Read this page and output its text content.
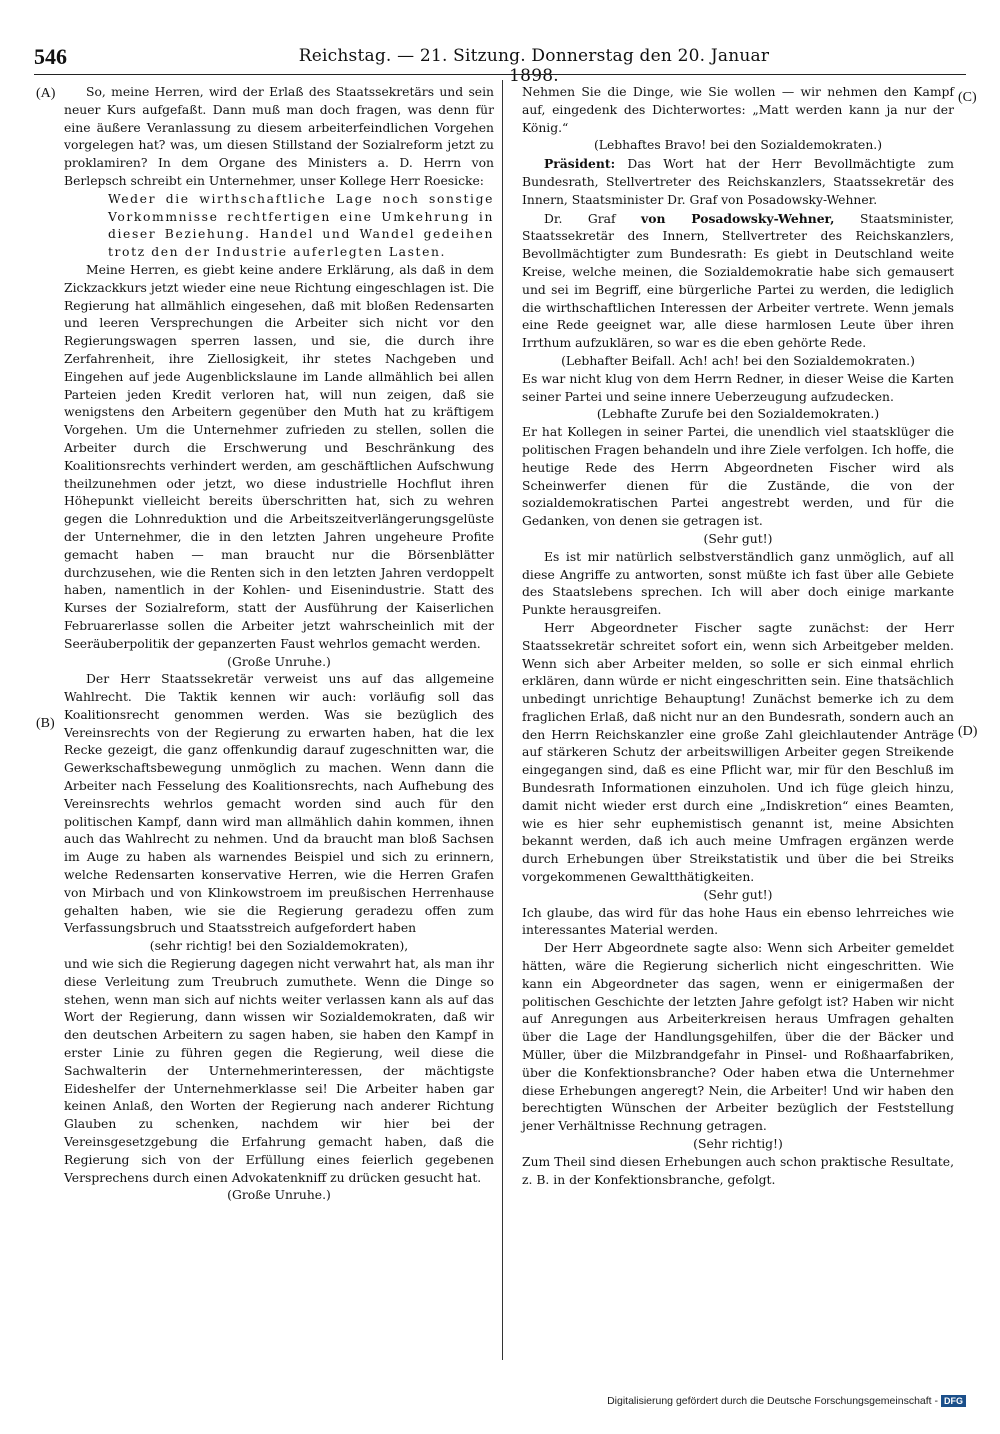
546	Reichstag. — 21. Sitzung. Donnerstag den 20. Januar 1898.
(A)
(B)
(C)
(D)

So, meine Herren, wird der Erlaß des Staatssekretärs und sein neuer Kurs aufgefaßt. Dann muß man doch fragen, was denn für eine äußere Veranlassung zu diesem arbeiterfeindlichen Vorgehen vorgelegen hat? was, um diesen Stillstand der Sozialreform jetzt zu proklamiren? In dem Organe des Ministers a. D. Herrn von Berlepsch schreibt ein Unternehmer, unser Kollege Herr Roesicke:

Weder die wirthschaftliche Lage noch sonstige Vorkommnisse rechtfertigen eine Umkehrung in dieser Beziehung. Handel und Wandel gedeihen trotz den der Industrie auferlegten Lasten.

Meine Herren, es giebt keine andere Erklärung, als daß in dem Zickzackkurs jetzt wieder eine neue Richtung eingeschlagen ist. Die Regierung hat allmählich eingesehen, daß mit bloßen Redensarten und leeren Versprechungen die Arbeiter sich nicht vor den Regierungswagen sperren lassen, und sie, die durch ihre Zerfahrenheit, ihre Ziellosigkeit, ihr stetes Nachgeben und Eingehen auf jede Augenblickslaune im Lande allmählich bei allen Parteien jeden Kredit verloren hat, will nun zeigen, daß sie wenigstens den Arbeitern gegenüber den Muth hat zu kräftigem Vorgehen. Um die Unternehmer zufrieden zu stellen, sollen die Arbeiter durch die Erschwerung und Beschränkung des Koalitionsrechts verhindert werden, am geschäftlichen Aufschwung theilzunehmen oder jetzt, wo diese industrielle Hochflut ihren Höhepunkt vielleicht bereits überschritten hat, sich zu wehren gegen die Lohnreduktion und die Arbeitszeitverlängerungsgelüste der Unternehmer, die in den letzten Jahren ungeheure Profite gemacht haben — man braucht nur die Börsenblätter durchzusehen, wie die Renten sich in den letzten Jahren verdoppelt haben, namentlich in der Kohlen- und Eisenindustrie. Statt des Kurses der Sozialreform, statt der Ausführung der Kaiserlichen Februarerlasse sollen die Arbeiter jetzt wahrscheinlich mit der Seeräuberpolitik der gepanzerten Faust wehrlos gemacht werden.

(Große Unruhe.)

Der Herr Staatssekretär verweist uns auf das allgemeine Wahlrecht. Die Taktik kennen wir auch: vorläufig soll das Koalitionsrecht genommen werden. Was sie bezüglich des Vereinsrechts von der Regierung zu erwarten haben, hat die lex Recke gezeigt, die ganz offenkundig darauf zugeschnitten war, die Gewerkschaftsbewegung unmöglich zu machen. Wenn dann die Arbeiter nach Fesselung des Koalitionsrechts, nach Aufhebung des Vereinsrechts wehrlos gemacht worden sind auch für den politischen Kampf, dann wird man allmählich dahin kommen, ihnen auch das Wahlrecht zu nehmen. Und da braucht man bloß Sachsen im Auge zu haben als warnendes Beispiel und sich zu erinnern, welche Redensarten konservative Herren, wie die Herren Grafen von Mirbach und von Klinkowstroem im preußischen Herrenhause gehalten haben, wie sie die Regierung geradezu offen zum Verfassungsbruch und Staatsstreich aufgefordert haben

(sehr richtig! bei den Sozialdemokraten),

und wie sich die Regierung dagegen nicht verwahrt hat, als man ihr diese Verleitung zum Treubruch zumuthete. Wenn die Dinge so stehen, wenn man sich auf nichts weiter verlassen kann als auf das Wort der Regierung, dann wissen wir Sozialdemokraten, daß wir den deutschen Arbeitern zu sagen haben, sie haben den Kampf in erster Linie zu führen gegen die Regierung, weil diese die Sachwalterin der Unternehmerinteressen, der mächtigste Eideshelfer der Unternehmerklasse sei! Die Arbeiter haben gar keinen Anlaß, den Worten der Regierung nach anderer Richtung Glauben zu schenken, nachdem wir hier bei der Vereinsgesetzgebung die Erfahrung gemacht haben, daß die Regierung sich von der Erfüllung eines feierlich gegebenen Versprechens durch einen Advokatenkniff zu drücken gesucht hat.

(Große Unruhe.)

Nehmen Sie die Dinge, wie Sie wollen — wir nehmen den Kampf auf, eingedenk des Dichterwortes: „Matt werden kann ja nur der König.“

(Lebhaftes Bravo! bei den Sozialdemokraten.)

Präsident: Das Wort hat der Herr Bevollmächtigte zum Bundesrath, Stellvertreter des Reichskanzlers, Staatssekretär des Innern, Staatsminister Dr. Graf von Posadowsky-Wehner.

Dr. Graf von Posadowsky-Wehner, Staatsminister, Staatssekretär des Innern, Stellvertreter des Reichskanzlers, Bevollmächtigter zum Bundesrath: Es giebt in Deutschland weite Kreise, welche meinen, die Sozialdemokratie habe sich gemausert und sei im Begriff, eine bürgerliche Partei zu werden, die lediglich die wirthschaftlichen Interessen der Arbeiter vertrete. Wenn jemals eine Rede geeignet war, alle diese harmlosen Leute über ihren Irrthum aufzuklären, so war es die eben gehörte Rede.

(Lebhafter Beifall. Ach! ach! bei den Sozialdemokraten.)

Es war nicht klug von dem Herrn Redner, in dieser Weise die Karten seiner Partei und seine innere Ueberzeugung aufzudecken.

(Lebhafte Zurufe bei den Sozialdemokraten.)

Er hat Kollegen in seiner Partei, die unendlich viel staatsklüger die politischen Fragen behandeln und ihre Ziele verfolgen. Ich hoffe, die heutige Rede des Herrn Abgeordneten Fischer wird als Scheinwerfer dienen für die Zustände, die von der sozialdemokratischen Partei angestrebt werden, und für die Gedanken, von denen sie getragen ist.

(Sehr gut!)

Es ist mir natürlich selbstverständlich ganz unmöglich, auf all diese Angriffe zu antworten, sonst müßte ich fast über alle Gebiete des Staatslebens sprechen. Ich will aber doch einige markante Punkte herausgreifen.

Herr Abgeordneter Fischer sagte zunächst: der Herr Staatssekretär schreitet sofort ein, wenn sich Arbeitgeber melden. Wenn sich aber Arbeiter melden, so solle er sich einmal ehrlich erklären, dann würde er nicht eingeschritten sein. Eine thatsächlich unbedingt unrichtige Behauptung! Zunächst bemerke ich zu dem fraglichen Erlaß, daß nicht nur an den Bundesrath, sondern auch an den Herrn Reichskanzler eine große Zahl gleichlautender Anträge auf stärkeren Schutz der arbeitswilligen Arbeiter gegen Streikende eingegangen sind, daß es eine Pflicht war, mir für den Beschluß im Bundesrath Informationen einzuholen. Und ich füge gleich hinzu, damit nicht wieder erst durch eine „Indiskretion“ eines Beamten, wie es hier sehr euphemistisch genannt ist, meine Absichten bekannt werden, daß ich auch meine Umfragen ergänzen werde durch Erhebungen über Streikstatistik und über die bei Streiks vorgekommenen Gewaltthätigkeiten.

(Sehr gut!)

Ich glaube, das wird für das hohe Haus ein ebenso lehrreiches wie interessantes Material werden.

Der Herr Abgeordnete sagte also: Wenn sich Arbeiter gemeldet hätten, wäre die Regierung sicherlich nicht eingeschritten. Wie kann ein Abgeordneter das sagen, wenn er einigermaßen der politischen Geschichte der letzten Jahre gefolgt ist? Haben wir nicht auf Anregungen aus Arbeiterkreisen heraus Umfragen gehalten über die Lage der Handlungsgehilfen, über die der Bäcker und Müller, über die Milzbrandgefahr in Pinsel- und Roßhaarfabriken, über die Konfektionsbranche? Oder haben etwa die Unternehmer diese Erhebungen angeregt? Nein, die Arbeiter! Und wir haben den berechtigten Wünschen der Arbeiter bezüglich der Feststellung jener Verhältnisse Rechnung getragen.

(Sehr richtig!)

Zum Theil sind diesen Erhebungen auch schon praktische Resultate, z. B. in der Konfektionsbranche, gefolgt.

Digitalisierung gefördert durch die Deutsche Forschungsgemeinschaft - DFG
